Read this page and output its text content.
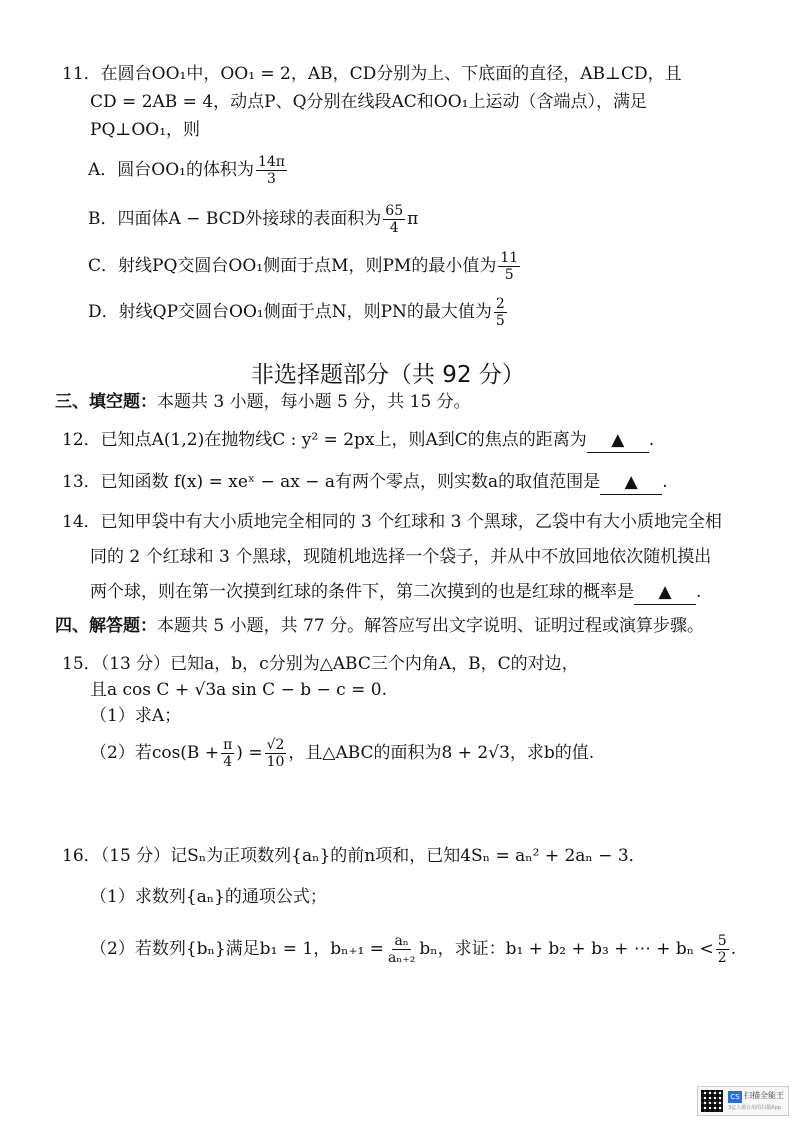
11．在圆台OO₁中，OO₁ = 2，AB，CD分别为上、下底面的直径，AB⊥CD，且
CD = 2AB = 4，动点P、Q分别在线段AC和OO₁上运动（含端点），满足
PQ⊥OO₁，则
A．圆台OO₁的体积为 $\frac{14\pi}{3}$
B．四面体A − BCD外接球的表面积为 $\frac{65}{4}$ π
C．射线PQ交圆台OO₁侧面于点M，则PM的最小值为 $\frac{11}{5}$
D．射线QP交圆台OO₁侧面于点N，则PN的最大值为 $\frac{2}{5}$
非选择题部分（共 92 分）
三、填空题：本题共 3 小题，每小题 5 分，共 15 分。
12．已知点A(1,2)在抛物线C : y² = 2px上，则A到C的焦点的距离为 ▲ .
13．已知函数 f(x) = xeˣ − ax − a有两个零点，则实数a的取值范围是 ▲ .
14．已知甲袋中有大小质地完全相同的 3 个红球和 3 个黑球，乙袋中有大小质地完全相
同的 2 个红球和 3 个黑球，现随机地选择一个袋子，并从中不放回地依次随机摸出
两个球，则在第一次摸到红球的条件下，第二次摸到的也是红球的概率是 ▲ .
四、解答题：本题共 5 小题，共 77 分。解答应写出文字说明、证明过程或演算步骤。
15．（13 分）已知a，b，c分别为△ABC三个内角A，B，C的对边，
且a cos C + √3a sin C − b − c = 0.
（1）求A；
（2）若$\cos(B + \frac{\pi}{4}$ ) = $\frac{√2}{10}$ ，且△ABC的面积为8 + 2√3，求b的值.
16．（15 分）记Sₙ为正项数列{aₙ}的前n项和，已知4Sₙ = aₙ² + 2aₙ − 3．
（1）求数列{aₙ}的通项公式；
（2）若数列{bₙ}满足b₁ = 1，$b_{n+1} = \frac{\text{aₙ}}{\text{aₙ₊₂}}$ bₙ，求证：b₁ + b₂ + b₃ + ⋯ + $b_n < \frac{5}{2}$ .
CS 扫描全能王
3亿人都在用的扫描App
